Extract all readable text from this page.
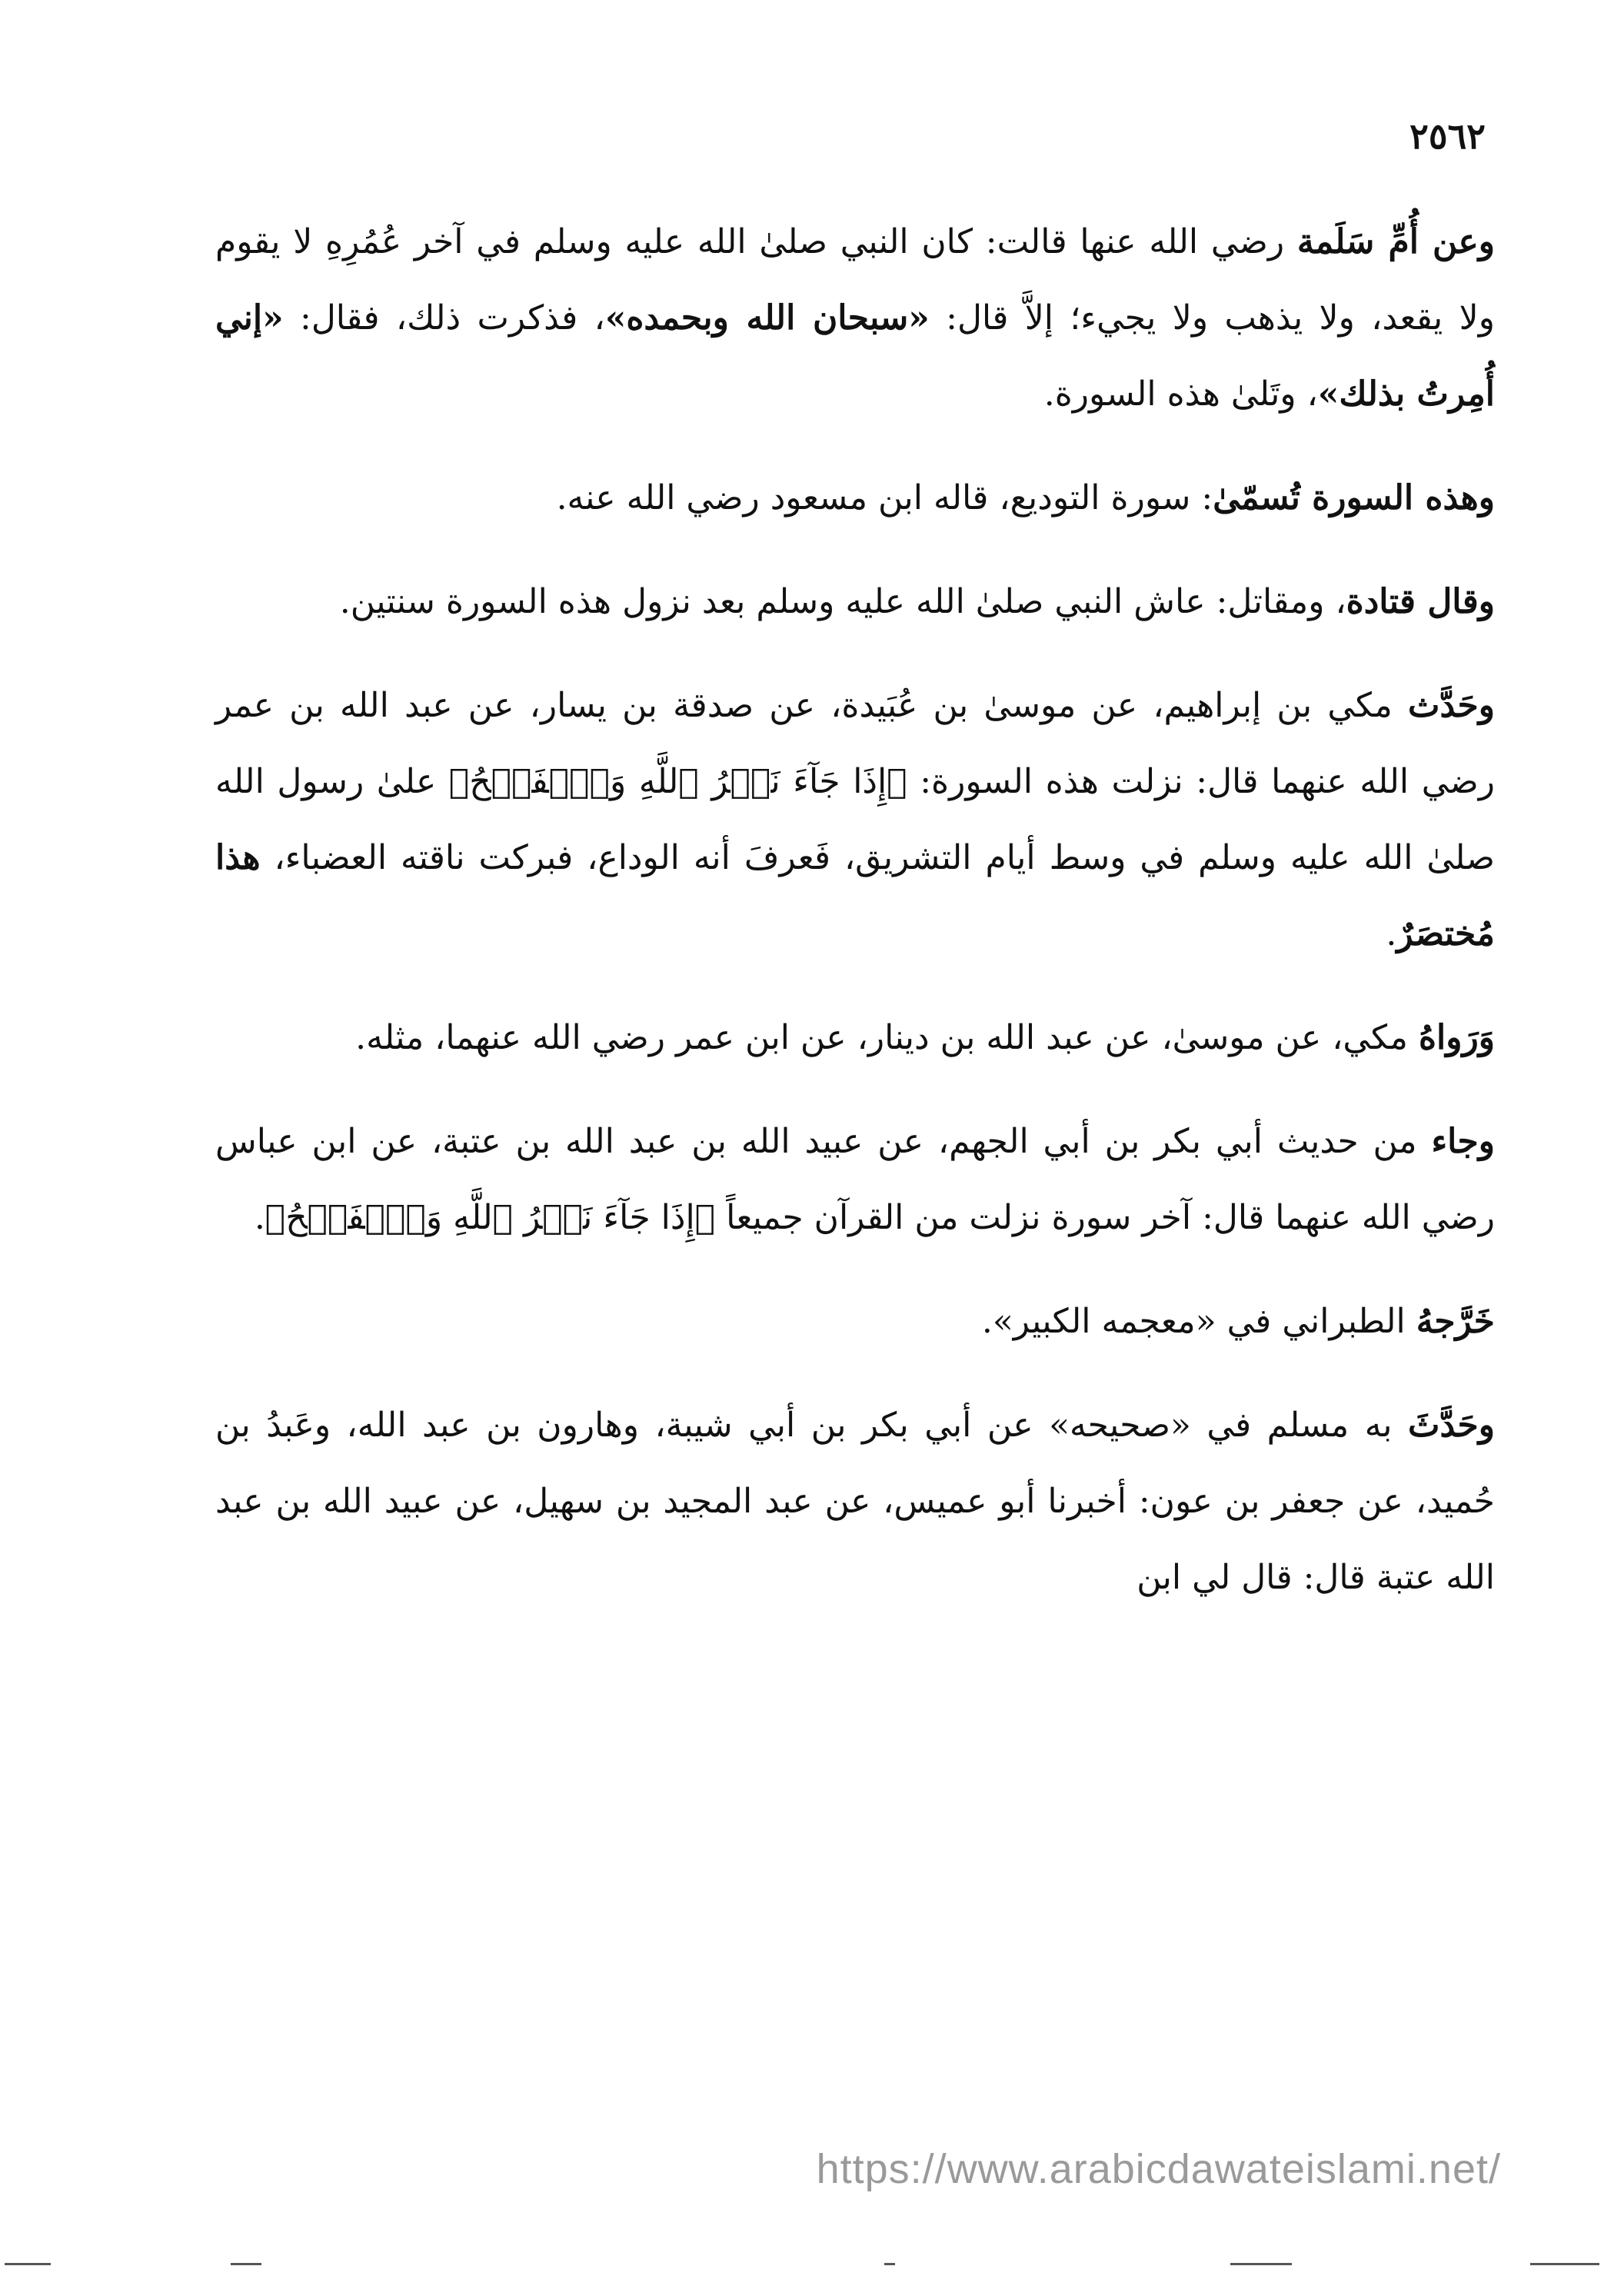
٢٥٦٢

وعن أُمِّ سَلَمة رضي الله عنها قالت: كان النبي صلىٰ الله عليه وسلم في آخر عُمُرِهِ لا يقوم ولا يقعد، ولا يذهب ولا يجيء؛ إلاَّ قال: «سبحان الله وبحمده»، فذكرت ذلك، فقال: «إني أُمِرتُ بذلك»، وتَلىٰ هذه السورة.

وهذه السورة تُسمّىٰ: سورة التوديع، قاله ابن مسعود رضي الله عنه.

وقال قتادة، ومقاتل: عاش النبي صلىٰ الله عليه وسلم بعد نزول هذه السورة سنتين.

وحَدَّث مكي بن إبراهيم، عن موسىٰ بن عُبَيدة، عن صدقة بن يسار، عن عبد الله بن عمر رضي الله عنهما قال: نزلت هذه السورة: ﴿إِذَا جَآءَ نَصۡرُ ٱللَّهِ وَٱلۡفَتۡحُ﴾ علىٰ رسول الله صلىٰ الله عليه وسلم في وسط أيام التشريق، فَعرفَ أنه الوداع، فبركت ناقته العضباء، هذا مُختصَرٌ.

وَرَواهُ مكي، عن موسىٰ، عن عبد الله بن دينار، عن ابن عمر رضي الله عنهما، مثله.

وجاء من حديث أبي بكر بن أبي الجهم، عن عبيد الله بن عبد الله بن عتبة، عن ابن عباس رضي الله عنهما قال: آخر سورة نزلت من القرآن جميعاً ﴿إِذَا جَآءَ نَصۡرُ ٱللَّهِ وَٱلۡفَتۡحُ﴾.

خَرَّجهُ الطبراني في «معجمه الكبير».

وحَدَّثَ به مسلم في «صحيحه» عن أبي بكر بن أبي شيبة، وهارون بن عبد الله، وعَبدُ بن حُميد، عن جعفر بن عون: أخبرنا أبو عميس، عن عبد المجيد بن سهيل، عن عبيد الله بن عبد الله عتبة قال: قال لي ابن

https://www.arabicdawateislami.net/
